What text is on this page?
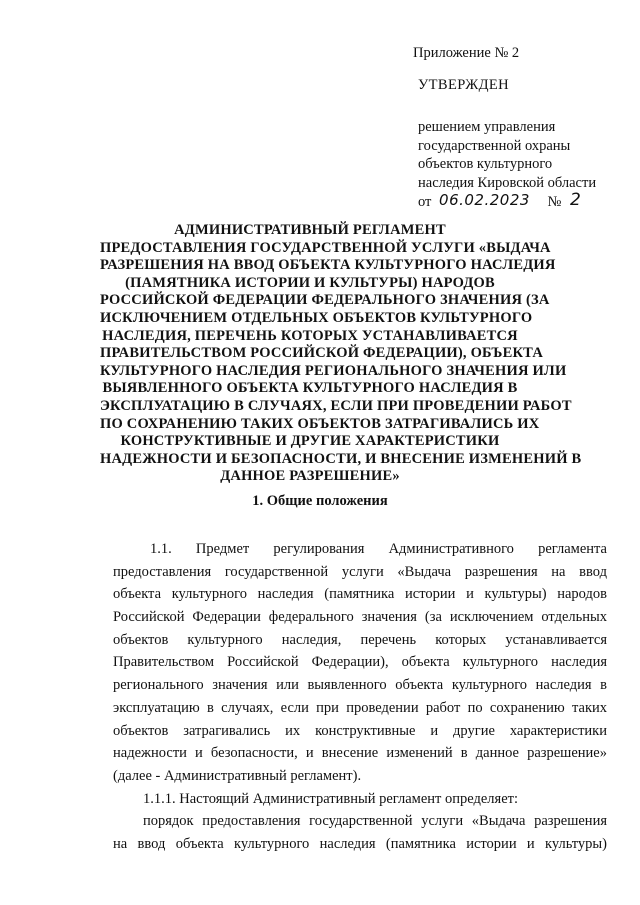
Приложение № 2
УТВЕРЖДЕН
решением управления
государственной охраны
объектов культурного
наследия Кировской области
от 06.02.2023 № 2
АДМИНИСТРАТИВНЫЙ РЕГЛАМЕНТ
ПРЕДОСТАВЛЕНИЯ ГОСУДАРСТВЕННОЙ УСЛУГИ «ВЫДАЧА
РАЗРЕШЕНИЯ НА ВВОД ОБЪЕКТА КУЛЬТУРНОГО НАСЛЕДИЯ
(ПАМЯТНИКА ИСТОРИИ И КУЛЬТУРЫ) НАРОДОВ
РОССИЙСКОЙ ФЕДЕРАЦИИ ФЕДЕРАЛЬНОГО ЗНАЧЕНИЯ (ЗА
ИСКЛЮЧЕНИЕМ ОТДЕЛЬНЫХ ОБЪЕКТОВ КУЛЬТУРНОГО
НАСЛЕДИЯ, ПЕРЕЧЕНЬ КОТОРЫХ УСТАНАВЛИВАЕТСЯ
ПРАВИТЕЛЬСТВОМ РОССИЙСКОЙ ФЕДЕРАЦИИ), ОБЪЕКТА
КУЛЬТУРНОГО НАСЛЕДИЯ РЕГИОНАЛЬНОГО ЗНАЧЕНИЯ ИЛИ
ВЫЯВЛЕННОГО ОБЪЕКТА КУЛЬТУРНОГО НАСЛЕДИЯ В
ЭКСПЛУАТАЦИЮ В СЛУЧАЯХ, ЕСЛИ ПРИ ПРОВЕДЕНИИ РАБОТ
ПО СОХРАНЕНИЮ ТАКИХ ОБЪЕКТОВ ЗАТРАГИВАЛИСЬ ИХ
КОНСТРУКТИВНЫЕ И ДРУГИЕ ХАРАКТЕРИСТИКИ
НАДЕЖНОСТИ И БЕЗОПАСНОСТИ, И ВНЕСЕНИЕ ИЗМЕНЕНИЙ В
ДАННОЕ РАЗРЕШЕНИЕ»
1. Общие положения
1.1. Предмет регулирования Административного регламента
предоставления государственной услуги «Выдача разрешения на ввод
объекта культурного наследия (памятника истории и культуры) народов
Российской Федерации федерального значения (за исключением отдельных
объектов культурного наследия, перечень которых устанавливается
Правительством Российской Федерации), объекта культурного наследия
регионального значения или выявленного объекта культурного наследия в
эксплуатацию в случаях, если при проведении работ по сохранению таких
объектов затрагивались их конструктивные и другие характеристики
надежности и безопасности, и внесение изменений в данное разрешение»
(далее - Административный регламент).
1.1.1. Настоящий Административный регламент определяет:
порядок предоставления государственной услуги «Выдача разрешения
на ввод объекта культурного наследия (памятника истории и культуры)
